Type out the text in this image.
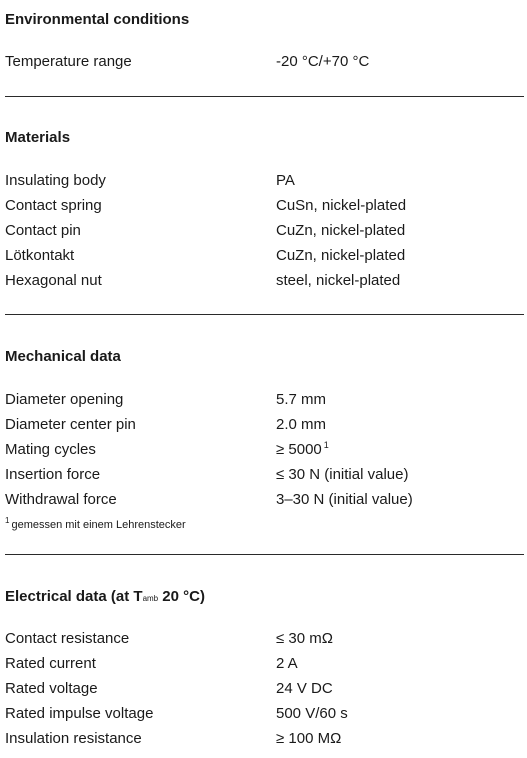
Environmental conditions
Temperature range	-20 °C/+70 °C
Materials
Insulating body	PA
Contact spring	CuSn, nickel-plated
Contact pin	CuZn, nickel-plated
Lötkontakt	CuZn, nickel-plated
Hexagonal nut	steel, nickel-plated
Mechanical data
Diameter opening	5.7 mm
Diameter center pin	2.0 mm
Mating cycles	≥ 5000 $^1$
Insertion force	≤ 30 N (initial value)
Withdrawal force	3–30 N (initial value)
$^1$ gemessen mit einem Lehrenstecker
Electrical data (at Tamb 20 °C)
Contact resistance	≤ 30 mΩ
Rated current	2 A
Rated voltage	24 V DC
Rated impulse voltage	500 V/60 s
Insulation resistance	≥ 100 MΩ
